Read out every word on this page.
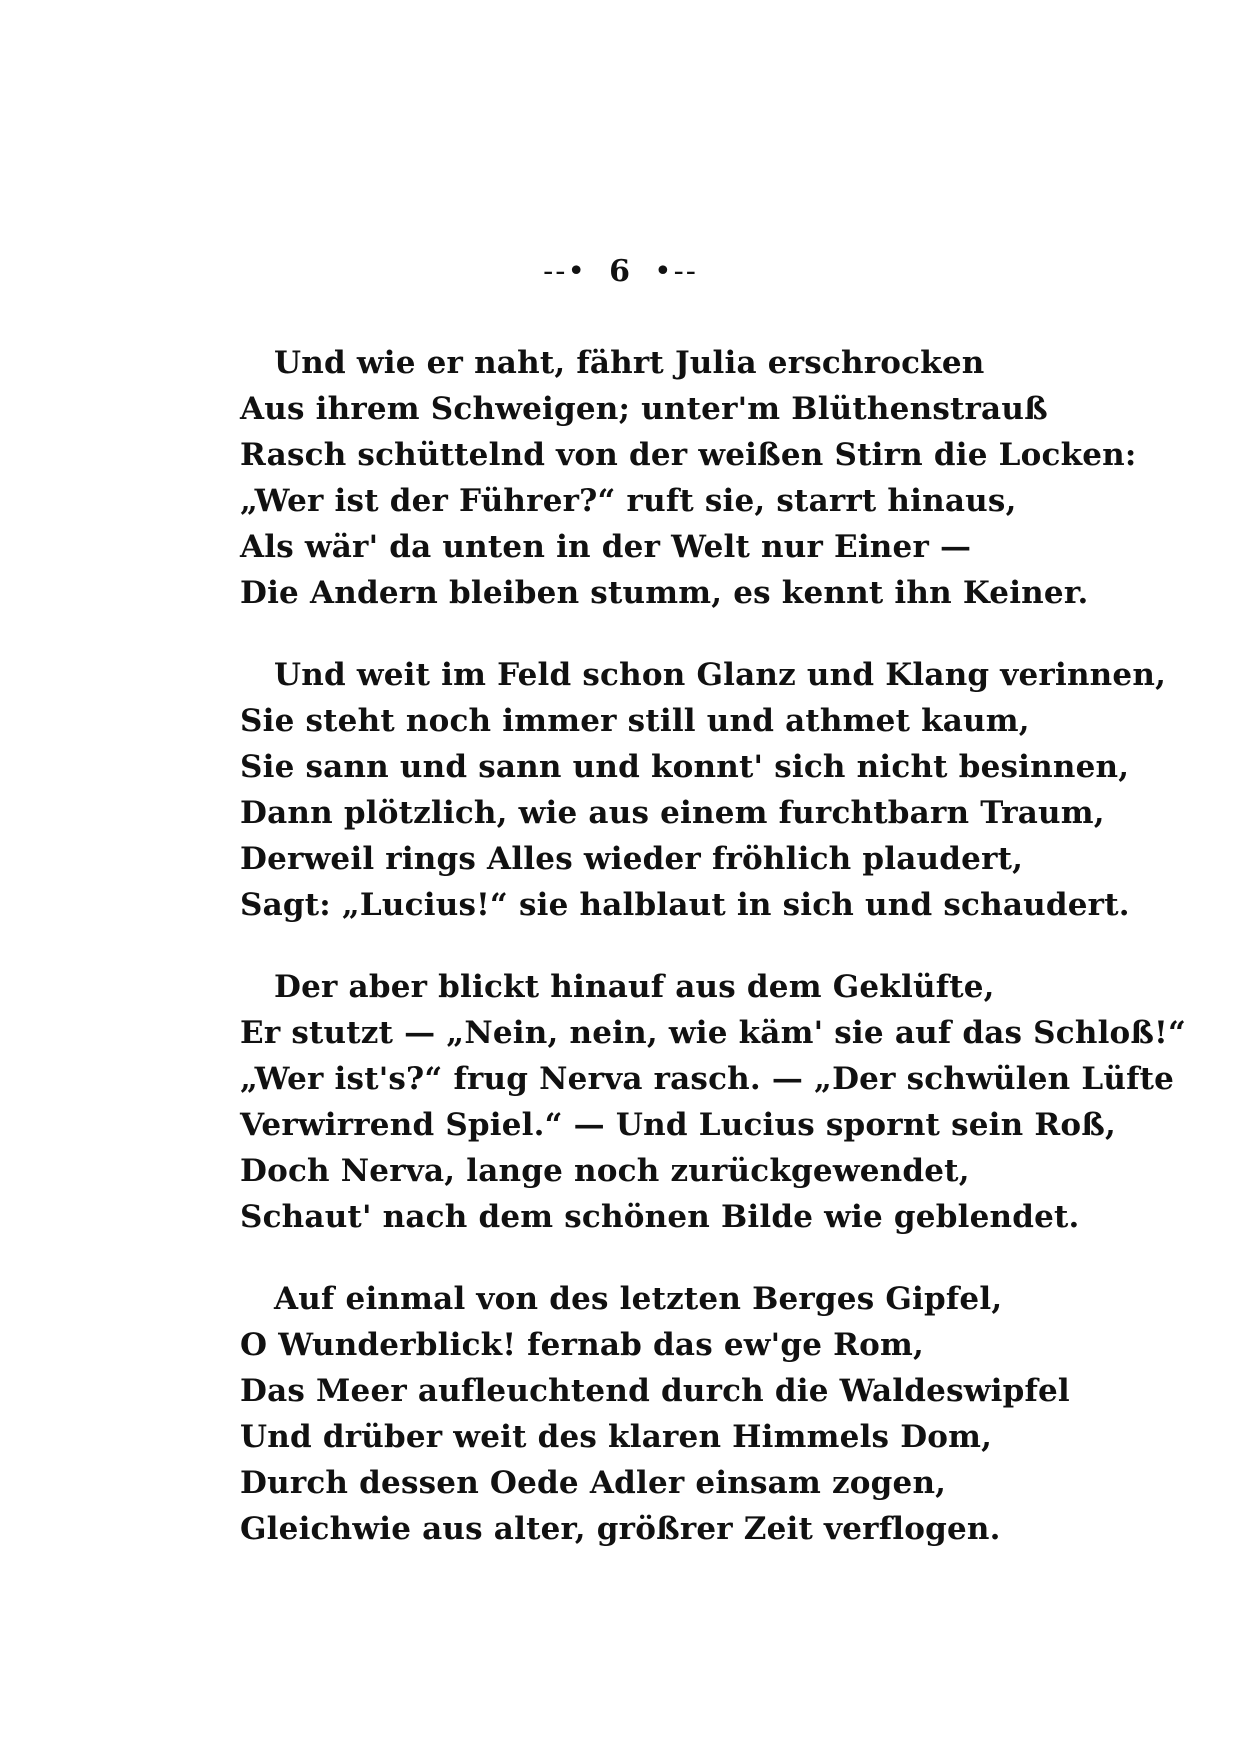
--• 6 •--
Und wie er naht, fährt Julia erschrocken
Aus ihrem Schweigen; unter'm Blüthenstrauß
Rasch schüttelnd von der weißen Stirn die Locken:
„Wer ist der Führer?“ ruft sie, starrt hinaus,
Als wär' da unten in der Welt nur Einer —
Die Andern bleiben stumm, es kennt ihn Keiner.
Und weit im Feld schon Glanz und Klang verinnen,
Sie steht noch immer still und athmet kaum,
Sie sann und sann und konnt' sich nicht besinnen,
Dann plötzlich, wie aus einem furchtbarn Traum,
Derweil rings Alles wieder fröhlich plaudert,
Sagt: „Lucius!“ sie halblaut in sich und schaudert.
Der aber blickt hinauf aus dem Geklüfte,
Er stutzt — „Nein, nein, wie käm' sie auf das Schloß!“
„Wer ist's?“ frug Nerva rasch. — „Der schwülen Lüfte
Verwirrend Spiel.“ — Und Lucius spornt sein Roß,
Doch Nerva, lange noch zurückgewendet,
Schaut' nach dem schönen Bilde wie geblendet.
Auf einmal von des letzten Berges Gipfel,
O Wunderblick! fernab das ew'ge Rom,
Das Meer aufleuchtend durch die Waldeswipfel
Und drüber weit des klaren Himmels Dom,
Durch dessen Oede Adler einsam zogen,
Gleichwie aus alter, größrer Zeit verflogen.
